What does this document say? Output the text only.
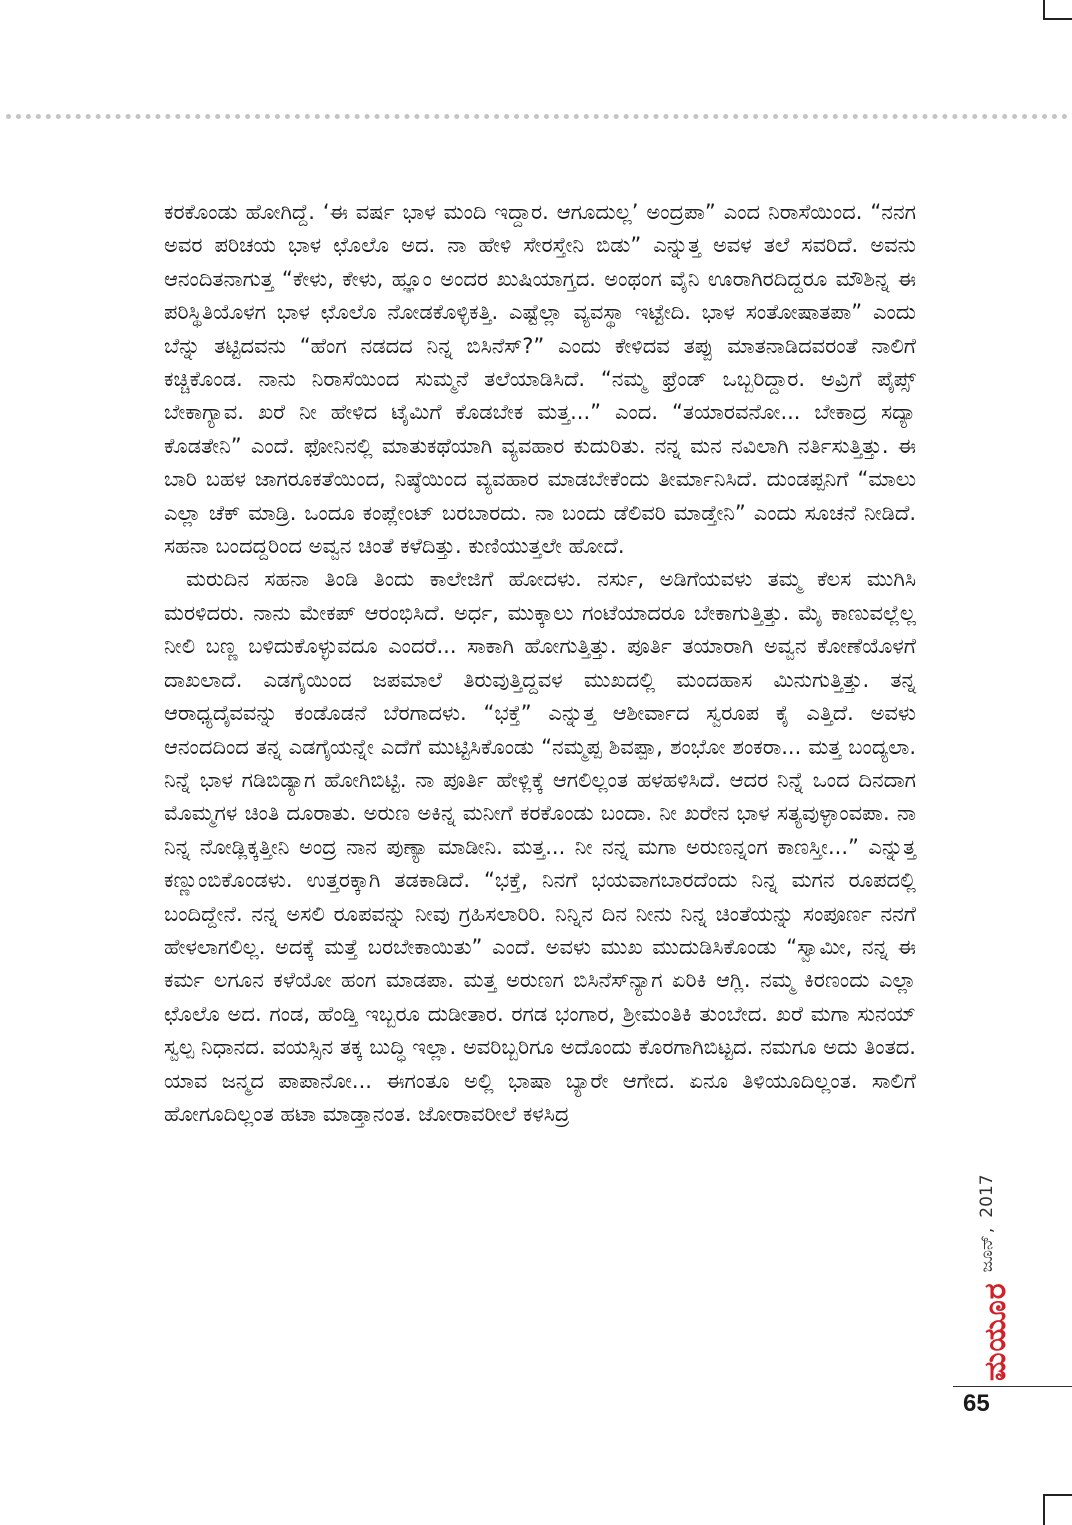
ಕರಕೊಂಡು ಹೋಗಿದ್ದೆ. ‘ಈ ವರ್ಷ ಭಾಳ ಮಂದಿ ಇದ್ದಾರ. ಆಗೂದುಲ್ಲ’ ಅಂದ್ರಪಾ” ಎಂದ ನಿರಾಸೆಯಿಂದ. “ನನಗ ಅವರ ಪರಿಚಯ ಭಾಳ ಛೊಲೊ ಅದ. ನಾ ಹೇಳಿ ಸೇರಸ್ತೇನಿ ಬಿಡು” ಎನ್ನುತ್ತ ಅವಳ ತಲೆ ಸವರಿದೆ. ಅವನು ಆನಂದಿತನಾಗುತ್ತ “ಕೇಳು, ಕೇಳು, ಹ್ಞೂಂ ಅಂದರ ಖುಷಿಯಾಗ್ತದ. ಅಂಥಂಗ ವೈನಿ ಊರಾಗಿರದಿದ್ದರೂ ಮೌಶಿನ್ನ ಈ ಪರಿಸ್ಥಿತಿಯೊಳಗ ಭಾಳ ಛೊಲೊ ನೋಡಕೊಳ್ಳಿಕತ್ತಿ. ಎಷ್ಟೆಲ್ಲಾ ವ್ಯವಸ್ಥಾ ಇಟ್ಟೇದಿ. ಭಾಳ ಸಂತೋಷಾತಪಾ” ಎಂದು ಬೆನ್ನು ತಟ್ಟಿದವನು “ಹೆಂಗ ನಡದದ ನಿನ್ನ ಬಿಸಿನೆಸ್?” ಎಂದು ಕೇಳಿದವ ತಪ್ಪು ಮಾತನಾಡಿದವರಂತೆ ನಾಲಿಗೆ ಕಚ್ಚಿಕೊಂಡ. ನಾನು ನಿರಾಸೆಯಿಂದ ಸುಮ್ಮನೆ ತಲೆಯಾಡಿಸಿದೆ. “ನಮ್ಮ ಫ್ರೆಂಡ್ ಒಬ್ಬರಿದ್ದಾರ. ಅವ್ರಿಗೆ ಪೈಪ್ಸ್ ಬೇಕಾಗ್ಯಾವ. ಖರೆ ನೀ ಹೇಳಿದ ಟೈಮಿಗೆ ಕೊಡಬೇಕ ಮತ್ತ...” ಎಂದ. “ತಯಾರವನೋ... ಬೇಕಾದ್ರ ಸದ್ಯಾ ಕೊಡತೇನಿ” ಎಂದೆ. ಫೋನಿನಲ್ಲಿ ಮಾತುಕಥೆಯಾಗಿ ವ್ಯವಹಾರ ಕುದುರಿತು. ನನ್ನ ಮನ ನವಿಲಾಗಿ ನರ್ತಿಸುತ್ತಿತ್ತು. ಈ ಬಾರಿ ಬಹಳ ಜಾಗರೂಕತೆಯಿಂದ, ನಿಷ್ಠೆಯಿಂದ ವ್ಯವಹಾರ ಮಾಡಬೇಕೆಂದು ತೀರ್ಮಾನಿಸಿದೆ. ದುಂಡಪ್ಪನಿಗೆ “ಮಾಲು ಎಲ್ಲಾ ಚೆಕ್ ಮಾಡ್ರಿ. ಒಂದೂ ಕಂಪ್ಲೇಂಟ್ ಬರಬಾರದು. ನಾ ಬಂದು ಡೆಲಿವರಿ ಮಾಡ್ತೇನಿ” ಎಂದು ಸೂಚನೆ ನೀಡಿದೆ. ಸಹನಾ ಬಂದದ್ದರಿಂದ ಅವ್ವನ ಚಿಂತೆ ಕಳೆದಿತ್ತು. ಕುಣಿಯುತ್ತಲೇ ಹೋದೆ.

ಮರುದಿನ ಸಹನಾ ತಿಂಡಿ ತಿಂದು ಕಾಲೇಜಿಗೆ ಹೋದಳು. ನರ್ಸು, ಅಡಿಗೆಯವಳು ತಮ್ಮ ಕೆಲಸ ಮುಗಿಸಿ ಮರಳಿದರು. ನಾನು ಮೇಕಪ್ ಆರಂಭಿಸಿದೆ. ಅರ್ಧ, ಮುಕ್ಕಾಲು ಗಂಟೆಯಾದರೂ ಬೇಕಾಗುತ್ತಿತ್ತು. ಮೈ ಕಾಣುವಲ್ಲೆಲ್ಲ ನೀಲಿ ಬಣ್ಣ ಬಳಿದುಕೊಳ್ಳುವದೂ ಎಂದರೆ... ಸಾಕಾಗಿ ಹೋಗುತ್ತಿತ್ತು. ಪೂರ್ತಿ ತಯಾರಾಗಿ ಅವ್ವನ ಕೋಣೆಯೊಳಗೆ ದಾಖಲಾದೆ. ಎಡಗೈಯಿಂದ ಜಪಮಾಲೆ ತಿರುವುತ್ತಿದ್ದವಳ ಮುಖದಲ್ಲಿ ಮಂದಹಾಸ ಮಿನುಗುತ್ತಿತ್ತು. ತನ್ನ ಆರಾಧ್ಯದೈವವನ್ನು ಕಂಡೊಡನೆ ಬೆರಗಾದಳು. “ಭಕ್ತೆ” ಎನ್ನುತ್ತ ಆಶೀರ್ವಾದ ಸ್ವರೂಪ ಕೈ ಎತ್ತಿದೆ. ಅವಳು ಆನಂದದಿಂದ ತನ್ನ ಎಡಗೈಯನ್ನೇ ಎದೆಗೆ ಮುಟ್ಟಿಸಿಕೊಂಡು “ನಮ್ಮಪ್ಪ ಶಿವಪ್ಪಾ, ಶಂಭೋ ಶಂಕರಾ... ಮತ್ತ ಬಂದ್ಯಲಾ. ನಿನ್ನೆ ಭಾಳ ಗಡಿಬಿಡ್ಯಾಗ ಹೋಗಿಬಿಟ್ಟಿ. ನಾ ಪೂರ್ತಿ ಹೇಳ್ಲಿಕ್ಕೆ ಆಗಲಿಲ್ಲಂತ ಹಳಹಳಿಸಿದೆ. ಆದರ ನಿನ್ನೆ ಒಂದ ದಿನದಾಗ ಮೊಮ್ಮಗಳ ಚಿಂತಿ ದೂರಾತು. ಅರುಣ ಅಕಿನ್ನ ಮನೀಗೆ ಕರಕೊಂಡು ಬಂದಾ. ನೀ ಖರೇನ ಭಾಳ ಸತ್ಯವುಳ್ಳಾಂವಪಾ. ನಾ ನಿನ್ನ ನೋಡ್ಲಿಕ್ಕತ್ತೀನಿ ಅಂದ್ರ ನಾನ ಪುಣ್ಯಾ ಮಾಡೀನಿ. ಮತ್ತ... ನೀ ನನ್ನ ಮಗಾ ಅರುಣನ್ನಂಗ ಕಾಣಸ್ತೀ...” ಎನ್ನುತ್ತ ಕಣ್ಣುಂಬಿಕೊಂಡಳು. ಉತ್ತರಕ್ಕಾಗಿ ತಡಕಾಡಿದೆ. “ಭಕ್ತೆ, ನಿನಗೆ ಭಯವಾಗಬಾರದೆಂದು ನಿನ್ನ ಮಗನ ರೂಪದಲ್ಲಿ ಬಂದಿದ್ದೇನೆ. ನನ್ನ ಅಸಲಿ ರೂಪವನ್ನು ನೀವು ಗ್ರಹಿಸಲಾರಿರಿ. ನಿನ್ನಿನ ದಿನ ನೀನು ನಿನ್ನ ಚಿಂತೆಯನ್ನು ಸಂಪೂರ್ಣ ನನಗೆ ಹೇಳಲಾಗಲಿಲ್ಲ. ಅದಕ್ಕೆ ಮತ್ತೆ ಬರಬೇಕಾಯಿತು” ಎಂದೆ. ಅವಳು ಮುಖ ಮುದುಡಿಸಿಕೊಂಡು “ಸ್ವಾಮೀ, ನನ್ನ ಈ ಕರ್ಮ ಲಗೂನ ಕಳೆಯೋ ಹಂಗ ಮಾಡಪಾ. ಮತ್ತ ಅರುಣಗ ಬಿಸಿನೆಸ್‌ನ್ಯಾಗ ಏರಿಕಿ ಆಗ್ಲಿ. ನಮ್ಮ ಕಿರಣಂದು ಎಲ್ಲಾ ಛೊಲೊ ಅದ. ಗಂಡ, ಹೆಂಡ್ತಿ ಇಬ್ಬರೂ ದುಡೀತಾರ. ರಗಡ ಭಂಗಾರ, ಶ್ರೀಮಂತಿಕಿ ತುಂಬೇದ. ಖರೆ ಮಗಾ ಸುನಯ್ ಸ್ವಲ್ಪ ನಿಧಾನದ. ವಯಸ್ಸಿನ ತಕ್ಕ ಬುದ್ಧಿ ಇಲ್ಲಾ. ಅವರಿಬ್ಬರಿಗೂ ಅದೊಂದು ಕೊರಗಾಗಿಬಿಟ್ಟದ. ನಮಗೂ ಅದು ತಿಂತದ. ಯಾವ ಜನ್ಮದ ಪಾಪಾನೋ... ಈಗಂತೂ ಅಲ್ಲಿ ಭಾಷಾ ಬ್ಯಾರೇ ಆಗೇದ. ಏನೂ ತಿಳಿಯೂದಿಲ್ಲಂತ. ಸಾಲಿಗೆ ಹೋಗೂದಿಲ್ಲಂತ ಹಟಾ ಮಾಡ್ತಾನಂತ. ಜೋರಾವರೀಲೆ ಕಳಸಿದ್ರ

ಮಯೂರ
ಜೂನ್
,
2017
65
